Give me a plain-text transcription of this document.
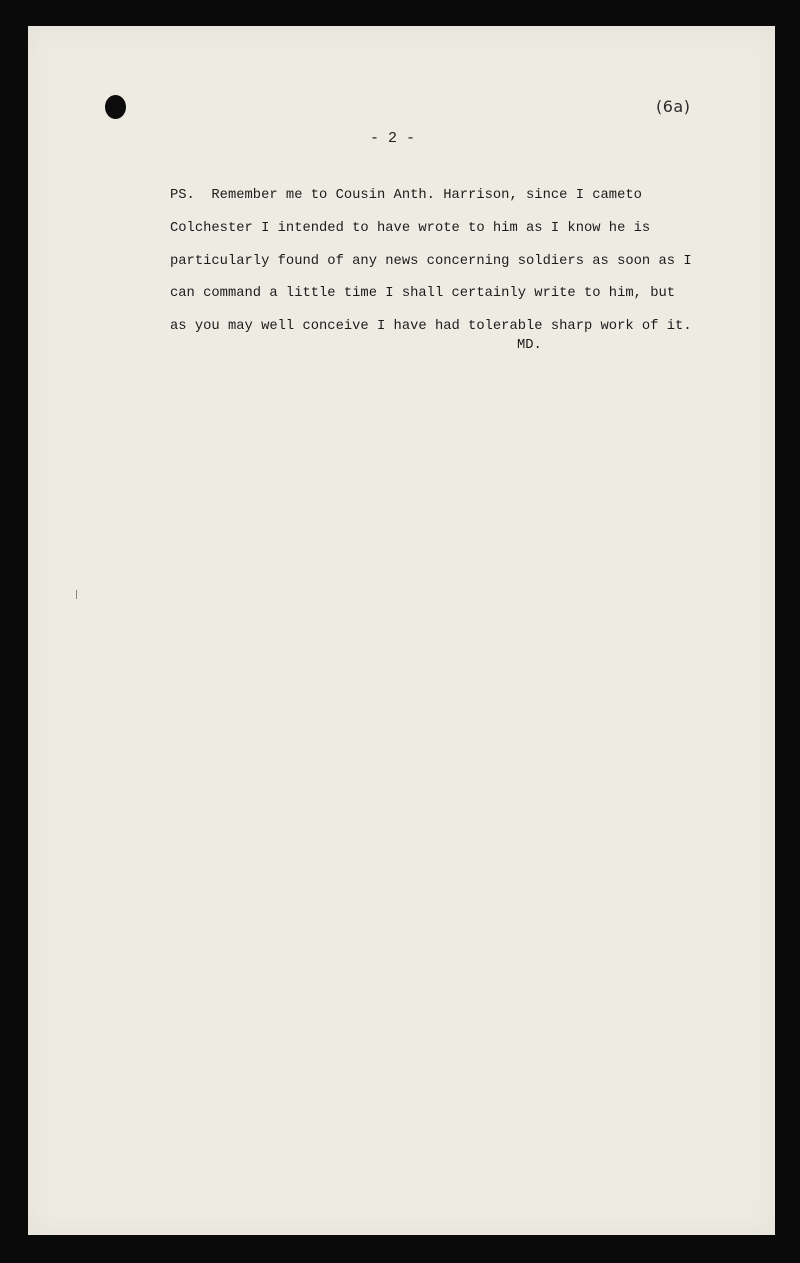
(6a)
- 2 -
PS.  Remember me to Cousin Anth. Harrison, since I cameto
Colchester I intended to have wrote to him as I know he is
particularly found of any news concerning soldiers as soon as I
can command a little time I shall certainly write to him, but
as you may well conceive I have had tolerable sharp work of it.
MD.
